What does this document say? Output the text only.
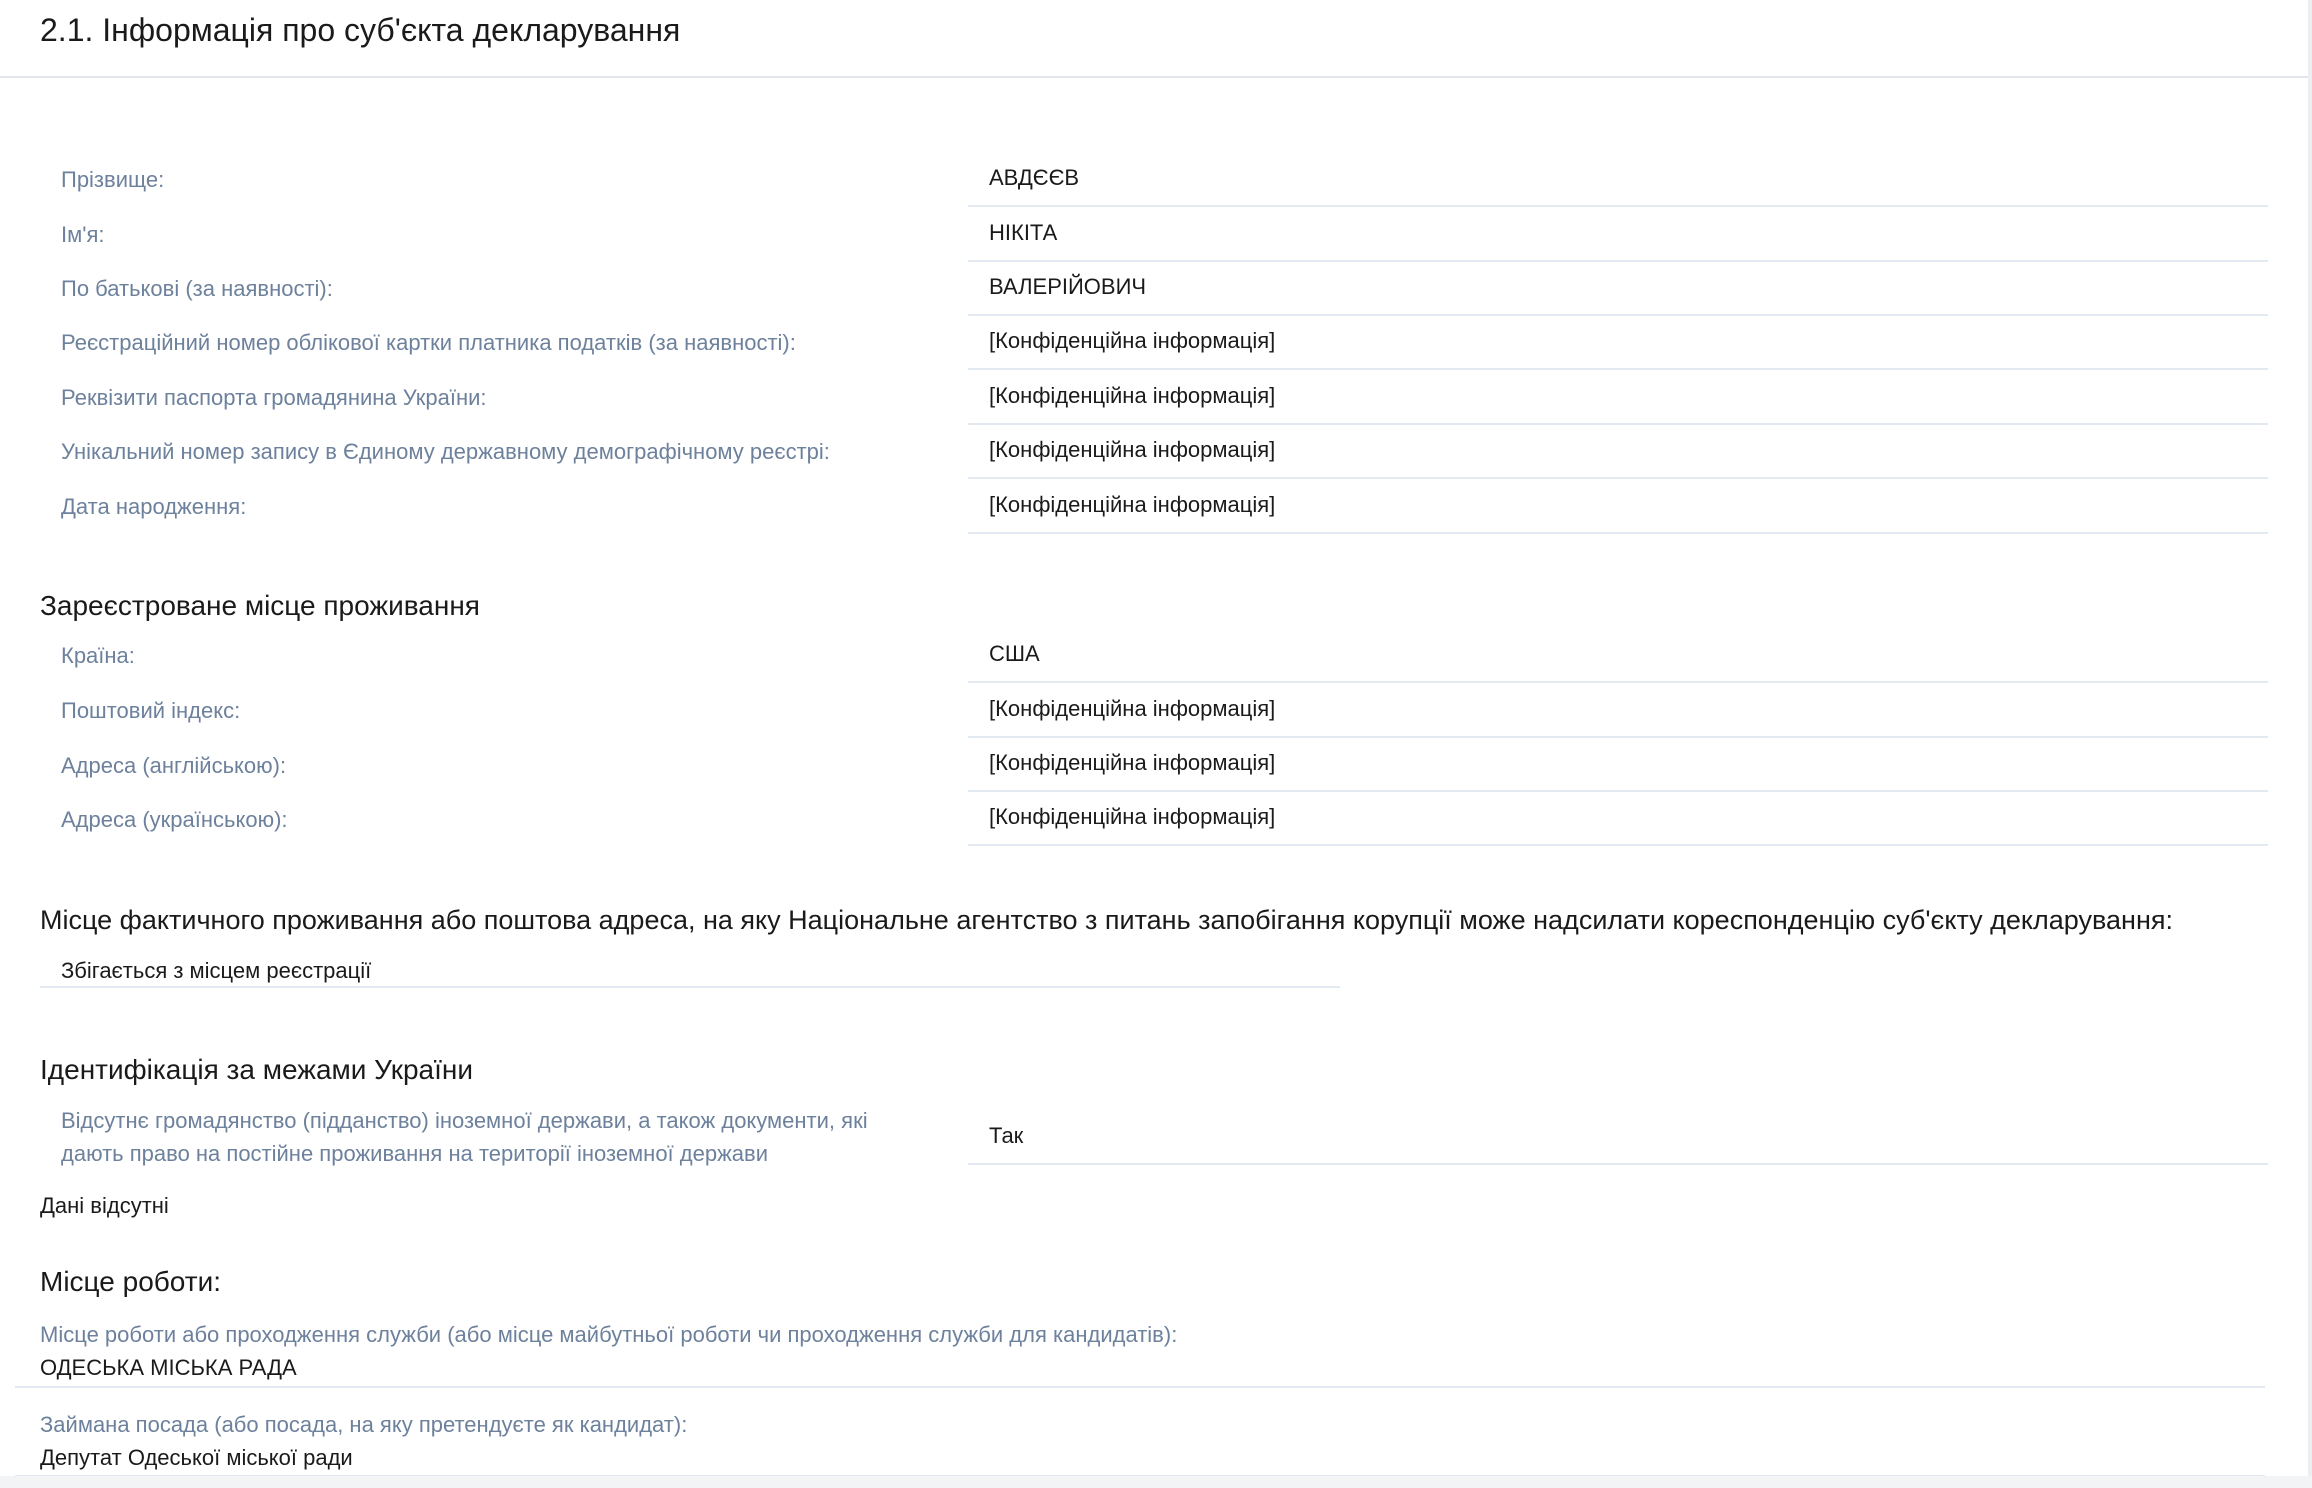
2.1. Інформація про суб'єкта декларування
Прізвище:	АВДЄЄВ
Ім'я:	НІКІТА
По батькові (за наявності):	ВАЛЕРІЙОВИЧ
Реєстраційний номер облікової картки платника податків (за наявності):	[Конфіденційна інформація]
Реквізити паспорта громадянина України:	[Конфіденційна інформація]
Унікальний номер запису в Єдиному державному демографічному реєстрі:	[Конфіденційна інформація]
Дата народження:	[Конфіденційна інформація]
Зареєстроване місце проживання
Країна:	США
Поштовий індекс:	[Конфіденційна інформація]
Адреса (англійською):	[Конфіденційна інформація]
Адреса (українською):	[Конфіденційна інформація]
Місце фактичного проживання або поштова адреса, на яку Національне агентство з питань запобігання корупції може надсилати кореспонденцію суб'єкту декларування:
Збігається з місцем реєстрації
Ідентифікація за межами України
Відсутнє громадянство (підданство) іноземної держави, а також документи, які
дають право на постійне проживання на території іноземної держави
Так
Дані відсутні
Місце роботи:
Місце роботи або проходження служби (або місце майбутньої роботи чи проходження служби для кандидатів):
ОДЕСЬКА МІСЬКА РАДА
Займана посада (або посада, на яку претендуєте як кандидат):
Депутат Одеської міської ради
